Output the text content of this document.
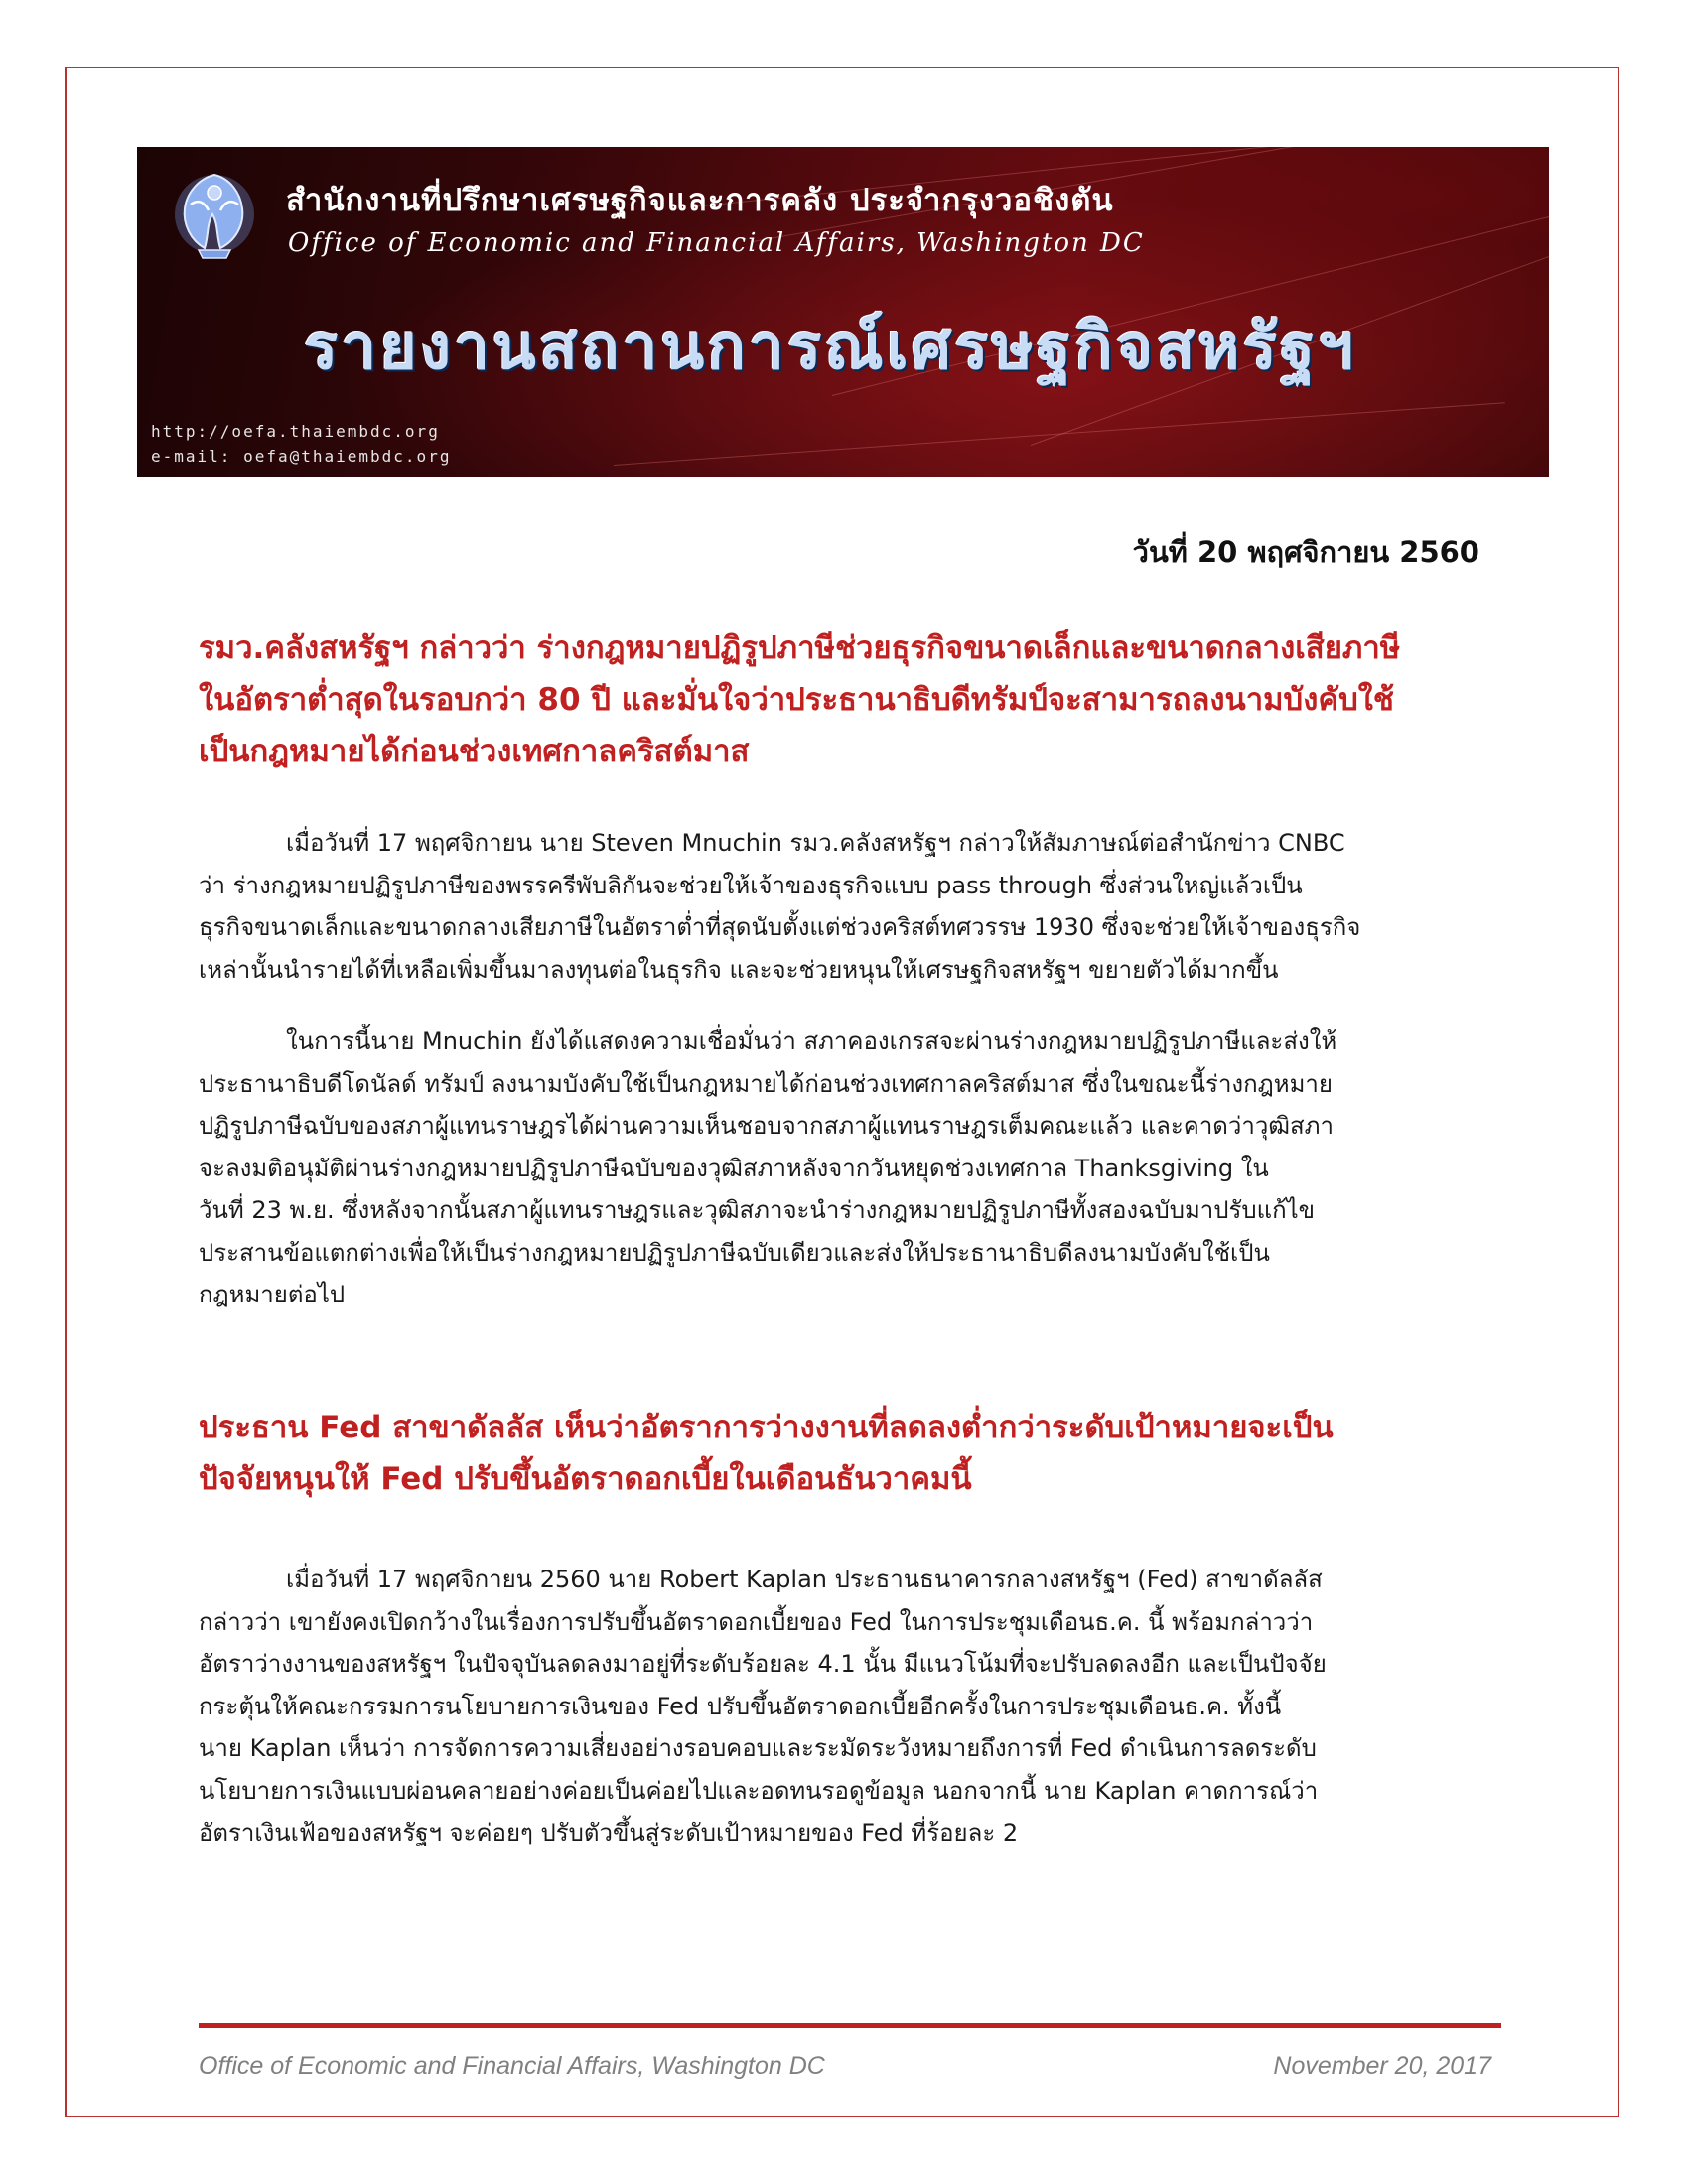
สำนักงานที่ปรึกษาเศรษฐกิจและการคลัง ประจำกรุงวอชิงตัน
Office of Economic and Financial Affairs, Washington DC
รายงานสถานการณ์เศรษฐกิจสหรัฐฯ
http://oefa.thaiembdc.org
e-mail: oefa@thaiembdc.org
วันที่ 20 พฤศจิกายน 2560
รมว.คลังสหรัฐฯ กล่าวว่า ร่างกฎหมายปฏิรูปภาษีช่วยธุรกิจขนาดเล็กและขนาดกลางเสียภาษี
ในอัตราต่ำสุดในรอบกว่า 80 ปี และมั่นใจว่าประธานาธิบดีทรัมป์จะสามารถลงนามบังคับใช้
เป็นกฎหมายได้ก่อนช่วงเทศกาลคริสต์มาส
เมื่อวันที่ 17 พฤศจิกายน นาย Steven Mnuchin รมว.คลังสหรัฐฯ กล่าวให้สัมภาษณ์ต่อสำนักข่าว CNBC
ว่า ร่างกฎหมายปฏิรูปภาษีของพรรครีพับลิกันจะช่วยให้เจ้าของธุรกิจแบบ pass through ซึ่งส่วนใหญ่แล้วเป็น
ธุรกิจขนาดเล็กและขนาดกลางเสียภาษีในอัตราต่ำที่สุดนับตั้งแต่ช่วงคริสต์ทศวรรษ 1930 ซึ่งจะช่วยให้เจ้าของธุรกิจ
เหล่านั้นนำรายได้ที่เหลือเพิ่มขึ้นมาลงทุนต่อในธุรกิจ และจะช่วยหนุนให้เศรษฐกิจสหรัฐฯ ขยายตัวได้มากขึ้น
ในการนี้นาย Mnuchin ยังได้แสดงความเชื่อมั่นว่า สภาคองเกรสจะผ่านร่างกฎหมายปฏิรูปภาษีและส่งให้
ประธานาธิบดีโดนัลด์ ทรัมป์ ลงนามบังคับใช้เป็นกฎหมายได้ก่อนช่วงเทศกาลคริสต์มาส ซึ่งในขณะนี้ร่างกฎหมาย
ปฏิรูปภาษีฉบับของสภาผู้แทนราษฎรได้ผ่านความเห็นชอบจากสภาผู้แทนราษฎรเต็มคณะแล้ว และคาดว่าวุฒิสภา
จะลงมติอนุมัติผ่านร่างกฎหมายปฏิรูปภาษีฉบับของวุฒิสภาหลังจากวันหยุดช่วงเทศกาล Thanksgiving ใน
วันที่ 23 พ.ย. ซึ่งหลังจากนั้นสภาผู้แทนราษฎรและวุฒิสภาจะนำร่างกฎหมายปฏิรูปภาษีทั้งสองฉบับมาปรับแก้ไข
ประสานข้อแตกต่างเพื่อให้เป็นร่างกฎหมายปฏิรูปภาษีฉบับเดียวและส่งให้ประธานาธิบดีลงนามบังคับใช้เป็น
กฎหมายต่อไป
ประธาน Fed สาขาดัลลัส เห็นว่าอัตราการว่างงานที่ลดลงต่ำกว่าระดับเป้าหมายจะเป็น
ปัจจัยหนุนให้ Fed ปรับขึ้นอัตราดอกเบี้ยในเดือนธันวาคมนี้
เมื่อวันที่ 17 พฤศจิกายน 2560 นาย Robert Kaplan ประธานธนาคารกลางสหรัฐฯ (Fed) สาขาดัลลัส
กล่าวว่า เขายังคงเปิดกว้างในเรื่องการปรับขึ้นอัตราดอกเบี้ยของ Fed ในการประชุมเดือนธ.ค. นี้ พร้อมกล่าวว่า
อัตราว่างงานของสหรัฐฯ ในปัจจุบันลดลงมาอยู่ที่ระดับร้อยละ 4.1 นั้น มีแนวโน้มที่จะปรับลดลงอีก และเป็นปัจจัย
กระตุ้นให้คณะกรรมการนโยบายการเงินของ Fed ปรับขึ้นอัตราดอกเบี้ยอีกครั้งในการประชุมเดือนธ.ค. ทั้งนี้
นาย Kaplan เห็นว่า การจัดการความเสี่ยงอย่างรอบคอบและระมัดระวังหมายถึงการที่ Fed ดำเนินการลดระดับ
นโยบายการเงินแบบผ่อนคลายอย่างค่อยเป็นค่อยไปและอดทนรอดูข้อมูล นอกจากนี้ นาย Kaplan คาดการณ์ว่า
อัตราเงินเฟ้อของสหรัฐฯ จะค่อยๆ ปรับตัวขึ้นสู่ระดับเป้าหมายของ Fed ที่ร้อยละ 2
Office of Economic and Financial Affairs, Washington DC	November 20, 2017
